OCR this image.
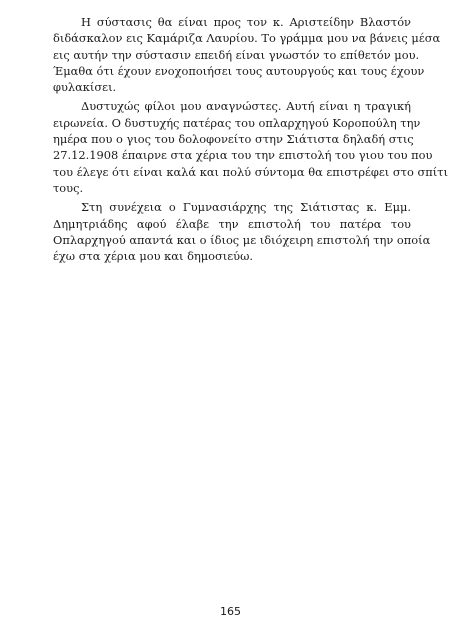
Η σύστασις θα είναι προς τον κ. Αριστείδην Βλαστόν
διδάσκαλον εις Καμάριζα Λαυρίου. Το γράμμα μου να βάνεις μέσα
εις αυτήν την σύστασιν επειδή είναι γνωστόν το επίθετόν μου.
Έμαθα ότι έχουν ενοχοποιήσει τους αυτουργούς και τους έχουν
φυλακίσει.
Δυστυχώς φίλοι μου αναγνώστες. Αυτή είναι η τραγική
ειρωνεία. Ο δυστυχής πατέρας του οπλαρχηγού Κοροπούλη την
ημέρα που ο γιος του δολοφονείτο στην Σιάτιστα δηλαδή στις
27.12.1908 έπαιρνε στα χέρια του την επιστολή του γιου του που
του έλεγε ότι είναι καλά και πολύ σύντομα θα επιστρέφει στο σπίτι
τους.
Στη συνέχεια ο Γυμνασιάρχης της Σιάτιστας κ. Εμμ.
Δημητριάδης αφού έλαβε την επιστολή του πατέρα του
Οπλαρχηγού απαντά και ο ίδιος με ιδιόχειρη επιστολή την οποία
έχω στα χέρια μου και δημοσιεύω.
165
